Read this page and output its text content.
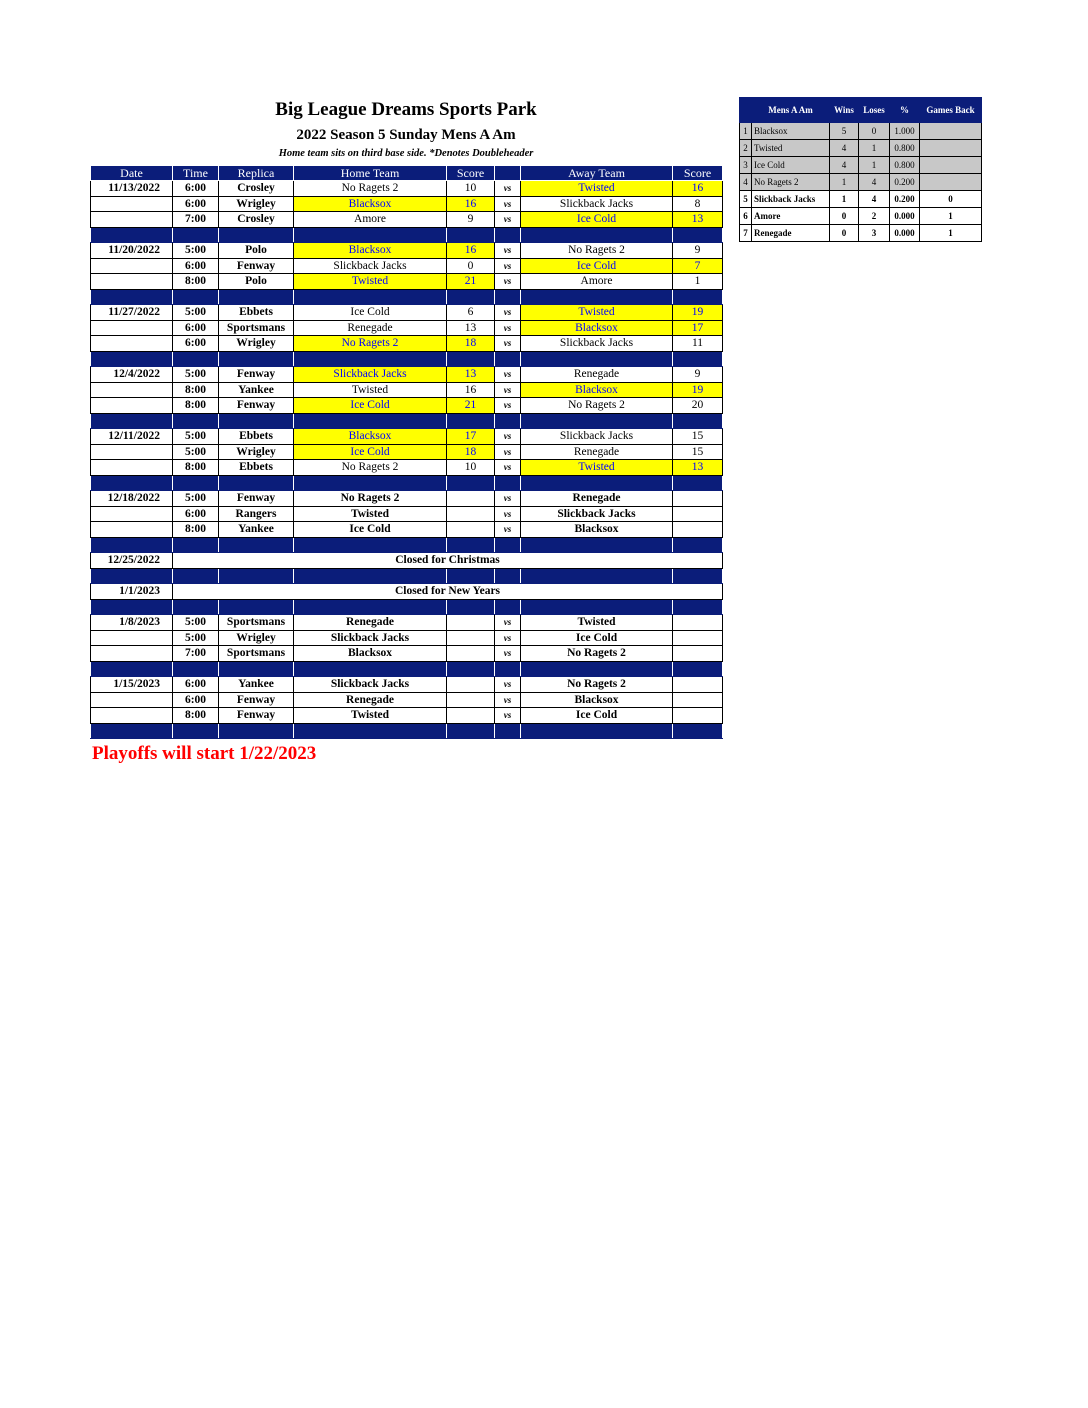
Big League Dreams Sports Park
2022 Season 5 Sunday Mens A Am
Home team sits on third base side. *Denotes Doubleheader
Date	Time	Replica	Home Team	Score		Away Team	Score
11/13/2022	6:00	Crosley	No Ragets 2	10	vs	Twisted	16
	6:00	Wrigley	Blacksox	16	vs	Slickback Jacks	8
	7:00	Crosley	Amore	9	vs	Ice Cold	13

11/20/2022	5:00	Polo	Blacksox	16	vs	No Ragets 2	9
	6:00	Fenway	Slickback Jacks	0	vs	Ice Cold	7
	8:00	Polo	Twisted	21	vs	Amore	1

11/27/2022	5:00	Ebbets	Ice Cold	6	vs	Twisted	19
	6:00	Sportsmans	Renegade	13	vs	Blacksox	17
	6:00	Wrigley	No Ragets 2	18	vs	Slickback Jacks	11

12/4/2022	5:00	Fenway	Slickback Jacks	13	vs	Renegade	9
	8:00	Yankee	Twisted	16	vs	Blacksox	19
	8:00	Fenway	Ice Cold	21	vs	No Ragets 2	20

12/11/2022	5:00	Ebbets	Blacksox	17	vs	Slickback Jacks	15
	5:00	Wrigley	Ice Cold	18	vs	Renegade	15
	8:00	Ebbets	No Ragets 2	10	vs	Twisted	13

12/18/2022	5:00	Fenway	No Ragets 2		vs	Renegade	
	6:00	Rangers	Twisted		vs	Slickback Jacks	
	8:00	Yankee	Ice Cold		vs	Blacksox	

12/25/2022	Closed for Christmas						

1/1/2023	Closed for New Years						

1/8/2023	5:00	Sportsmans	Renegade		vs	Twisted	
	5:00	Wrigley	Slickback Jacks		vs	Ice Cold	
	7:00	Sportsmans	Blacksox		vs	No Ragets 2	

1/15/2023	6:00	Yankee	Slickback Jacks		vs	No Ragets 2	
	6:00	Fenway	Renegade		vs	Blacksox	
	8:00	Fenway	Twisted		vs	Ice Cold	

Playoffs will start 1/22/2023
	Mens A Am	Wins	Loses	%	Games Back
1	Blacksox	5	0	1.000	
2	Twisted	4	1	0.800	
3	Ice Cold	4	1	0.800	
4	No Ragets 2	1	4	0.200	
5	Slickback Jacks	1	4	0.200	0
6	Amore	0	2	0.000	1
7	Renegade	0	3	0.000	1
